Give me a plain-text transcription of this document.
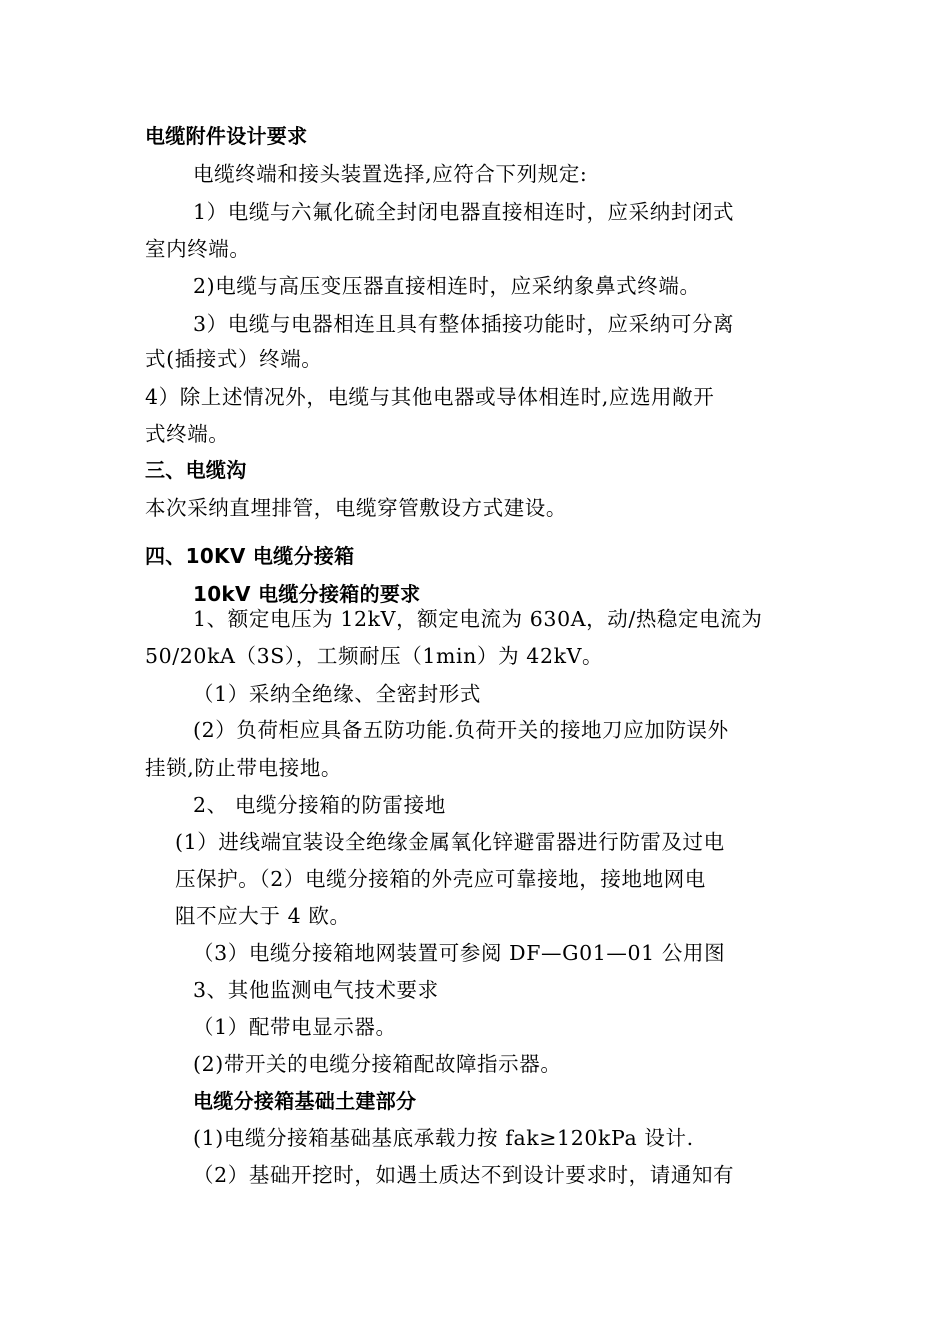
电缆附件设计要求
电缆终端和接头装置选择,应符合下列规定:
1）电缆与六氟化硫全封闭电器直接相连时，应采纳封闭式
室内终端。
2)电缆与高压变压器直接相连时，应采纳象鼻式终端。
3）电缆与电器相连且具有整体插接功能时，应采纳可分离
式(插接式）终端。
4）除上述情况外，电缆与其他电器或导体相连时,应选用敞开
式终端。
三、电缆沟
本次采纳直埋排管，电缆穿管敷设方式建设。
四、10KV 电缆分接箱
10kV 电缆分接箱的要求
1、额定电压为 12kV，额定电流为 630A，动/热稳定电流为
50/20kA（3S），工频耐压（1min）为 42kV。
（1）采纳全绝缘、全密封形式
(2）负荷柜应具备五防功能.负荷开关的接地刀应加防误外
挂锁,防止带电接地。
2、 电缆分接箱的防雷接地
(1）进线端宜装设全绝缘金属氧化锌避雷器进行防雷及过电
压保护。（2）电缆分接箱的外壳应可靠接地，接地地网电
阻不应大于 4 欧。
（3）电缆分接箱地网装置可参阅 DF—G01—01 公用图
3、其他监测电气技术要求
（1）配带电显示器。
(2)带开关的电缆分接箱配故障指示器。
电缆分接箱基础土建部分
(1)电缆分接箱基础基底承载力按 fak≥120kPa 设计.
（2）基础开挖时，如遇土质达不到设计要求时，请通知有
